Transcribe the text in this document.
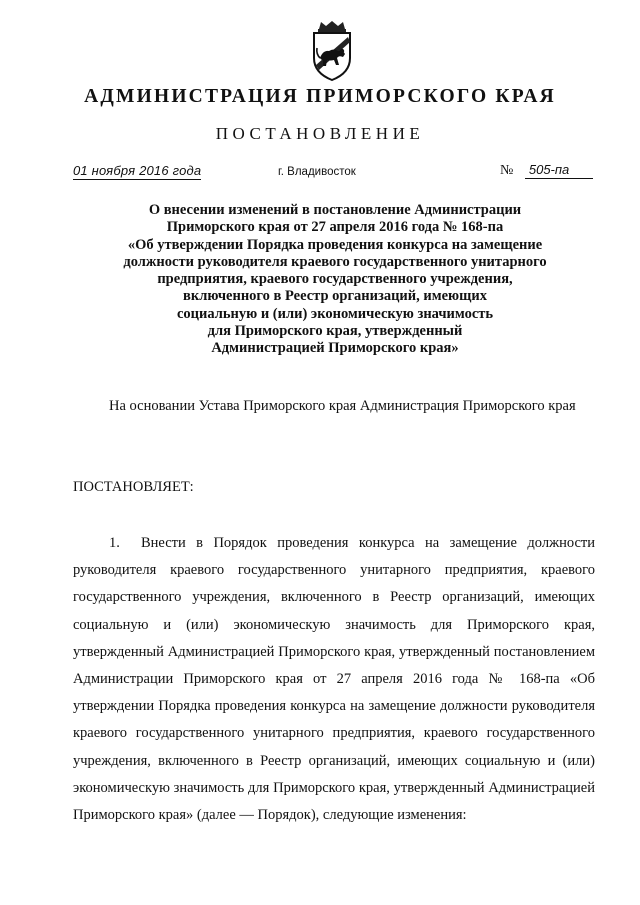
АДМИНИСТРАЦИЯ ПРИМОРСКОГО КРАЯ
ПОСТАНОВЛЕНИЕ
01 ноября 2016 года	г. Владивосток	№ 505-па
О внесении изменений в постановление Администрации
Приморского края от 27 апреля 2016 года № 168-па
«Об утверждении Порядка проведения конкурса на замещение
должности руководителя краевого государственного унитарного
предприятия, краевого государственного учреждения,
включенного в Реестр организаций, имеющих
социальную и (или) экономическую значимость
для Приморского края, утвержденный
Администрацией Приморского края»
На основании Устава Приморского края Администрация Приморского края
ПОСТАНОВЛЯЕТ:
1. Внести в Порядок проведения конкурса на замещение должности руководителя краевого государственного унитарного предприятия, краевого государственного учреждения, включенного в Реестр организаций, имеющих социальную и (или) экономическую значимость для Приморского края, утвержденный Администрацией Приморского края, утвержденный постановлением Администрации Приморского края от 27 апреля 2016 года № 168-па «Об утверждении Порядка проведения конкурса на замещение должности руководителя краевого государственного унитарного предприятия, краевого государственного учреждения, включенного в Реестр организаций, имеющих социальную и (или) экономическую значимость для Приморского края, утвержденный Администрацией Приморского края» (далее — Порядок), следующие изменения:
